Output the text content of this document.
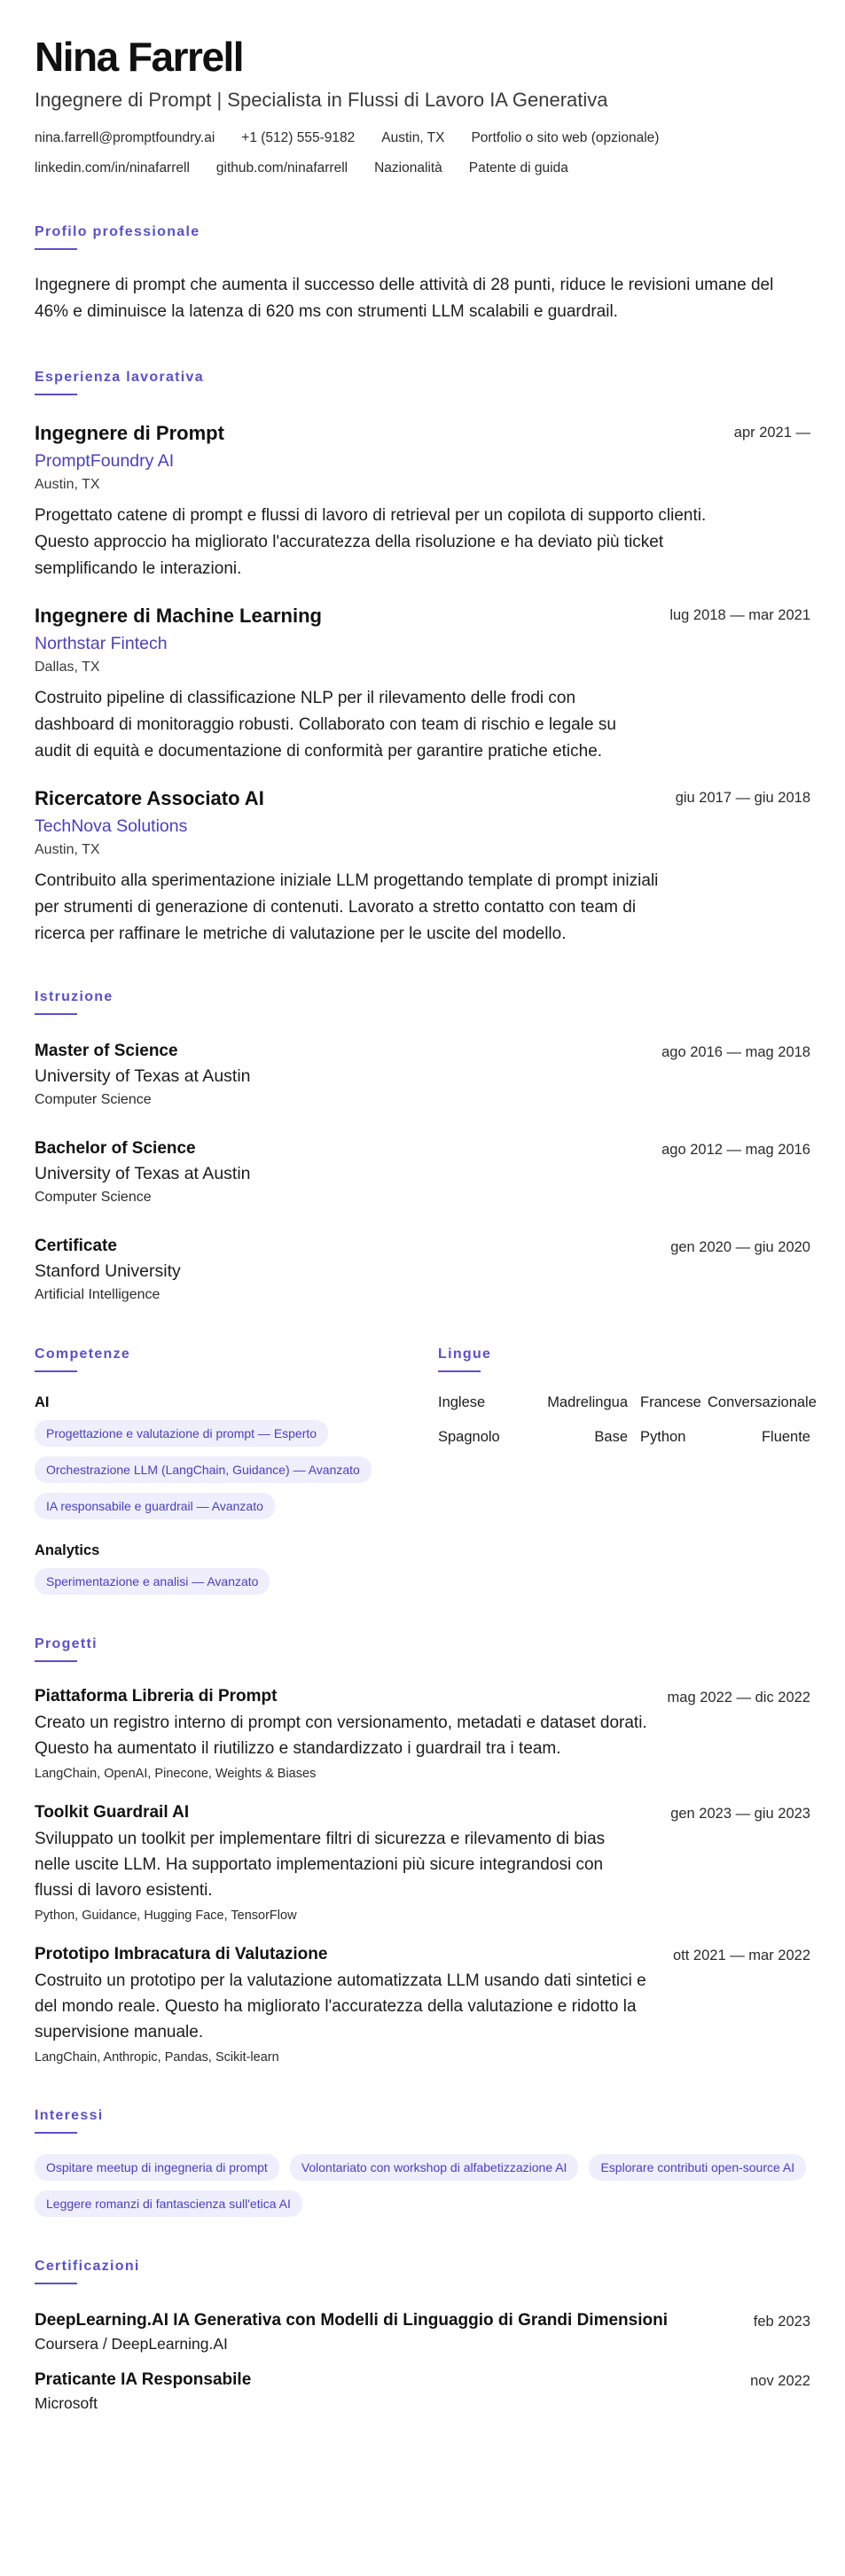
Nina Farrell
Ingegnere di Prompt | Specialista in Flussi di Lavoro IA Generativa
nina.farrell@promptfoundry.ai +1 (512) 555-9182 Austin, TX Portfolio o sito web (opzionale)
linkedin.com/in/ninafarrell github.com/ninafarrell Nazionalità Patente di guida
Profilo professionale

Ingegnere di prompt che aumenta il successo delle attività di 28 punti, riduce le revisioni umane del 46% e diminuisce la latenza di 620 ms con strumenti LLM scalabili e guardrail.

Esperienza lavorativa
apr 2021 —
Ingegnere di Prompt
PromptFoundry AI
Austin, TX

Progettato catene di prompt e flussi di lavoro di retrieval per un copilota di supporto clienti. Questo approccio ha migliorato l'accuratezza della risoluzione e ha deviato più ticket semplificando le interazioni.

lug 2018 — mar 2021
Ingegnere di Machine Learning
Northstar Fintech
Dallas, TX

Costruito pipeline di classificazione NLP per il rilevamento delle frodi con dashboard di monitoraggio robusti. Collaborato con team di rischio e legale su audit di equità e documentazione di conformità per garantire pratiche etiche.

giu 2017 — giu 2018
Ricercatore Associato AI
TechNova Solutions
Austin, TX

Contribuito alla sperimentazione iniziale LLM progettando template di prompt iniziali per strumenti di generazione di contenuti. Lavorato a stretto contatto con team di ricerca per raffinare le metriche di valutazione per le uscite del modello.

Istruzione
ago 2016 — mag 2018
Master of Science
University of Texas at Austin
Computer Science
ago 2012 — mag 2016
Bachelor of Science
University of Texas at Austin
Computer Science
gen 2020 — giu 2020
Certificate
Stanford University
Artificial Intelligence
Competenze
AI
Progettazione e valutazione di prompt — Esperto
Orchestrazione LLM (LangChain, Guidance) — Avanzato
IA responsabile e guardrail — Avanzato
Analytics
Sperimentazione e analisi — Avanzato
Lingue
Inglese	Madrelingua Francese Conversazionale
Spagnolo	Base Python	Fluente
Progetti
mag 2022 — dic 2022
Piattaforma Libreria di Prompt

Creato un registro interno di prompt con versionamento, metadati e dataset dorati. Questo ha aumentato il riutilizzo e standardizzato i guardrail tra i team.

LangChain, OpenAI, Pinecone, Weights & Biases
gen 2023 — giu 2023
Toolkit Guardrail AI

Sviluppato un toolkit per implementare filtri di sicurezza e rilevamento di bias nelle uscite LLM. Ha supportato implementazioni più sicure integrandosi con flussi di lavoro esistenti.

Python, Guidance, Hugging Face, TensorFlow
ott 2021 — mar 2022
Prototipo Imbracatura di Valutazione

Costruito un prototipo per la valutazione automatizzata LLM usando dati sintetici e del mondo reale. Questo ha migliorato l'accuratezza della valutazione e ridotto la supervisione manuale.

LangChain, Anthropic, Pandas, Scikit-learn
Interessi
Ospitare meetup di ingegneria di prompt	Volontariato con workshop di alfabetizzazione AI	Esplorare contributi open-source AI
Leggere romanzi di fantascienza sull'etica AI
Certificazioni
feb 2023
DeepLearning.AI IA Generativa con Modelli di Linguaggio di Grandi Dimensioni
Coursera / DeepLearning.AI
nov 2022
Praticante IA Responsabile
Microsoft
